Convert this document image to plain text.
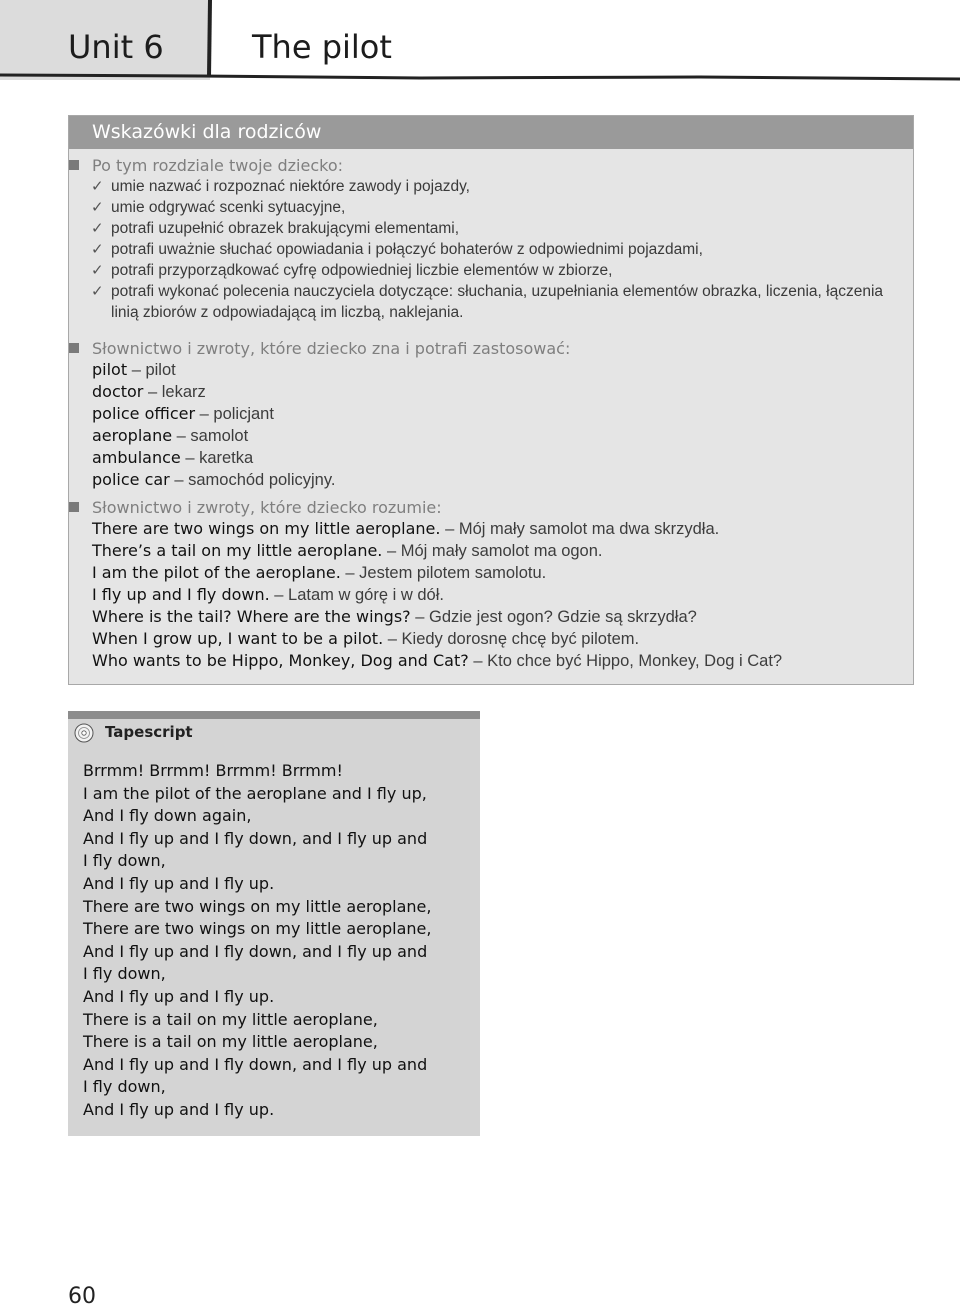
Unit 6	The pilot
Wskazówki dla rodziców
Po tym rozdziale twoje dziecko:
✓ umie nazwać i rozpoznać niektóre zawody i pojazdy,
✓ umie odgrywać scenki sytuacyjne,
✓ potrafi uzupełnić obrazek brakującymi elementami,
✓ potrafi uważnie słuchać opowiadania i połączyć bohaterów z odpowiednimi pojazdami,
✓ potrafi przyporządkować cyfrę odpowiedniej liczbie elementów w zbiorze,
✓ potrafi wykonać polecenia nauczyciela dotyczące: słuchania, uzupełniania elementów obrazka, liczenia, łączenia linią zbiorów z odpowiadającą im liczbą, naklejania.
Słownictwo i zwroty, które dziecko zna i potrafi zastosować:
pilot – pilot
doctor – lekarz
police officer – policjant
aeroplane – samolot
ambulance – karetka
police car – samochód policyjny.
Słownictwo i zwroty, które dziecko rozumie:
There are two wings on my little aeroplane. – Mój mały samolot ma dwa skrzydła.
There’s a tail on my little aeroplane. – Mój mały samolot ma ogon.
I am the pilot of the aeroplane. – Jestem pilotem samolotu.
I fly up and I fly down. – Latam w górę i w dół.
Where is the tail? Where are the wings? – Gdzie jest ogon? Gdzie są skrzydła?
When I grow up, I want to be a pilot. – Kiedy dorosnę chcę być pilotem.
Who wants to be Hippo, Monkey, Dog and Cat? – Kto chce być Hippo, Monkey, Dog i Cat?
Tapescript
Brrmm! Brrmm! Brrmm! Brrmm!
I am the pilot of the aeroplane and I fly up,
And I fly down again,
And I fly up and I fly down, and I fly up and
I fly down,
And I fly up and I fly up.
There are two wings on my little aeroplane,
There are two wings on my little aeroplane,
And I fly up and I fly down, and I fly up and
I fly down,
And I fly up and I fly up.
There is a tail on my little aeroplane,
There is a tail on my little aeroplane,
And I fly up and I fly down, and I fly up and
I fly down,
And I fly up and I fly up.
60
